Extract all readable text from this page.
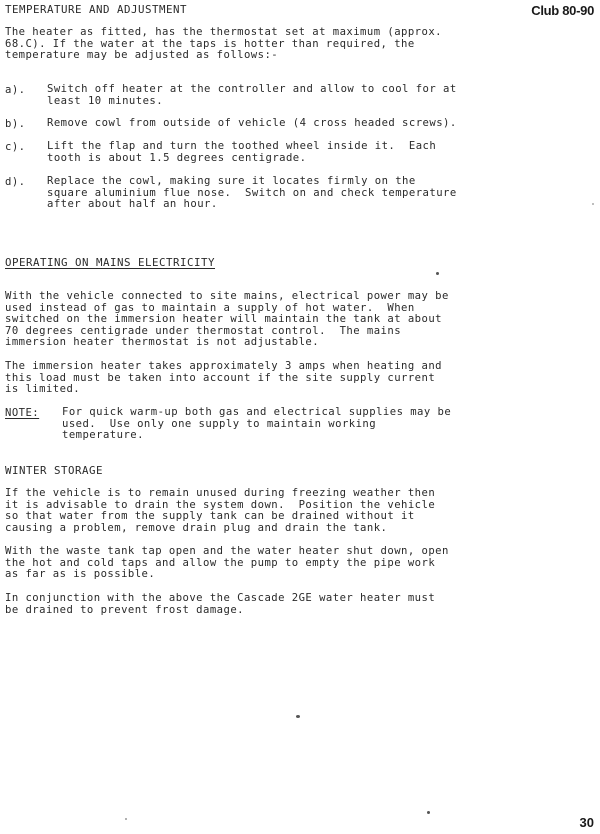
TEMPERATURE AND ADJUSTMENT	Club 80-90
The heater as fitted, has the thermostat set at maximum (approx.
68.C). If the water at the taps is hotter than required, the
temperature may be adjusted as follows:-
a). Switch off heater at the controller and allow to cool for at
least 10 minutes.
b). Remove cowl from outside of vehicle (4 cross headed screws).
c). Lift the flap and turn the toothed wheel inside it.  Each
tooth is about 1.5 degrees centigrade.
d). Replace the cowl, making sure it locates firmly on the
square aluminium flue nose.  Switch on and check temperature
after about half an hour.
OPERATING ON MAINS ELECTRICITY
With the vehicle connected to site mains, electrical power may be
used instead of gas to maintain a supply of hot water.  When
switched on the immersion heater will maintain the tank at about
70 degrees centigrade under thermostat control.  The mains
immersion heater thermostat is not adjustable.
The immersion heater takes approximately 3 amps when heating and
this load must be taken into account if the site supply current
is limited.
NOTE: For quick warm-up both gas and electrical supplies may be
used.  Use only one supply to maintain working
temperature.
WINTER STORAGE
If the vehicle is to remain unused during freezing weather then
it is advisable to drain the system down.  Position the vehicle
so that water from the supply tank can be drained without it
causing a problem, remove drain plug and drain the tank.
With the waste tank tap open and the water heater shut down, open
the hot and cold taps and allow the pump to empty the pipe work
as far as is possible.
In conjunction with the above the Cascade 2GE water heater must
be drained to prevent frost damage.
30
